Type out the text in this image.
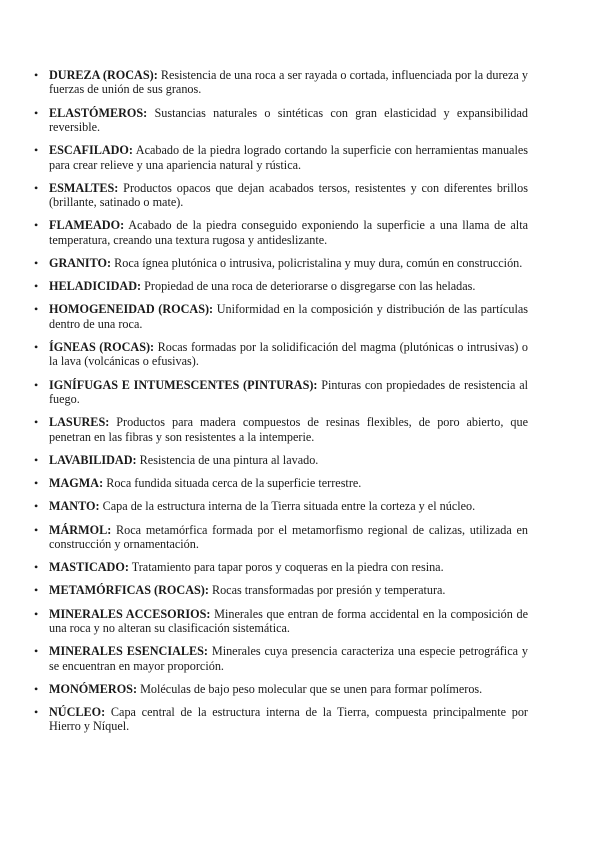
• DUREZA (ROCAS): Resistencia de una roca a ser rayada o cortada, influenciada por la dureza y fuerzas de unión de sus granos.
• ELASTÓMEROS: Sustancias naturales o sintéticas con gran elasticidad y expansibilidad reversible.
• ESCAFILADO: Acabado de la piedra logrado cortando la superficie con herramientas manuales para crear relieve y una apariencia natural y rústica.
• ESMALTES: Productos opacos que dejan acabados tersos, resistentes y con diferentes brillos (brillante, satinado o mate).
• FLAMEADO: Acabado de la piedra conseguido exponiendo la superficie a una llama de alta temperatura, creando una textura rugosa y antideslizante.
• GRANITO: Roca ígnea plutónica o intrusiva, policristalina y muy dura, común en construcción.
• HELADICIDAD: Propiedad de una roca de deteriorarse o disgregarse con las heladas.
• HOMOGENEIDAD (ROCAS): Uniformidad en la composición y distribución de las partículas dentro de una roca.
• ÍGNEAS (ROCAS): Rocas formadas por la solidificación del magma (plutónicas o intrusivas) o la lava (volcánicas o efusivas).
• IGNÍFUGAS E INTUMESCENTES (PINTURAS): Pinturas con propiedades de resistencia al fuego.
• LASURES: Productos para madera compuestos de resinas flexibles, de poro abierto, que penetran en las fibras y son resistentes a la intemperie.
• LAVABILIDAD: Resistencia de una pintura al lavado.
• MAGMA: Roca fundida situada cerca de la superficie terrestre.
• MANTO: Capa de la estructura interna de la Tierra situada entre la corteza y el núcleo.
• MÁRMOL: Roca metamórfica formada por el metamorfismo regional de calizas, utilizada en construcción y ornamentación.
• MASTICADO: Tratamiento para tapar poros y coqueras en la piedra con resina.
• METAMÓRFICAS (ROCAS): Rocas transformadas por presión y temperatura.
• MINERALES ACCESORIOS: Minerales que entran de forma accidental en la composición de una roca y no alteran su clasificación sistemática.
• MINERALES ESENCIALES: Minerales cuya presencia caracteriza una especie petrográfica y se encuentran en mayor proporción.
• MONÓMEROS: Moléculas de bajo peso molecular que se unen para formar polímeros.
• NÚCLEO: Capa central de la estructura interna de la Tierra, compuesta principalmente por Hierro y Níquel.
